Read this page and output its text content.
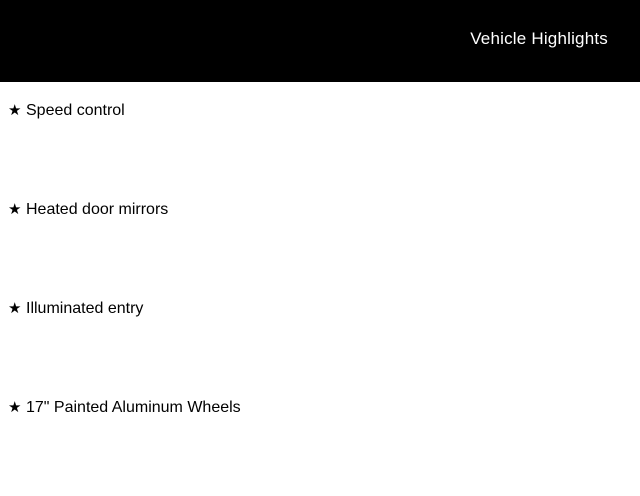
Vehicle Highlights
★ Speed control
★ Heated door mirrors
★ Illuminated entry
★ 17" Painted Aluminum Wheels
